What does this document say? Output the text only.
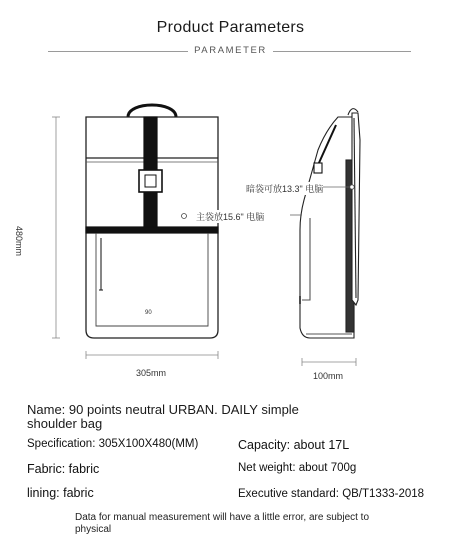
Product Parameters
PARAMETER
480mm
90
305mm	100mm
暗袋可放13.3" 电脑
主袋放15.6" 电脑
Name: 90 points neutral URBAN. DAILY simple shoulder bag
Specification: 305X100X480(MM)	Capacity: about 17L
Fabric: fabric	Net weight: about 700g
lining: fabric	Executive standard: QB/T1333-2018
Data for manual measurement will have a little error, are subject to physical
